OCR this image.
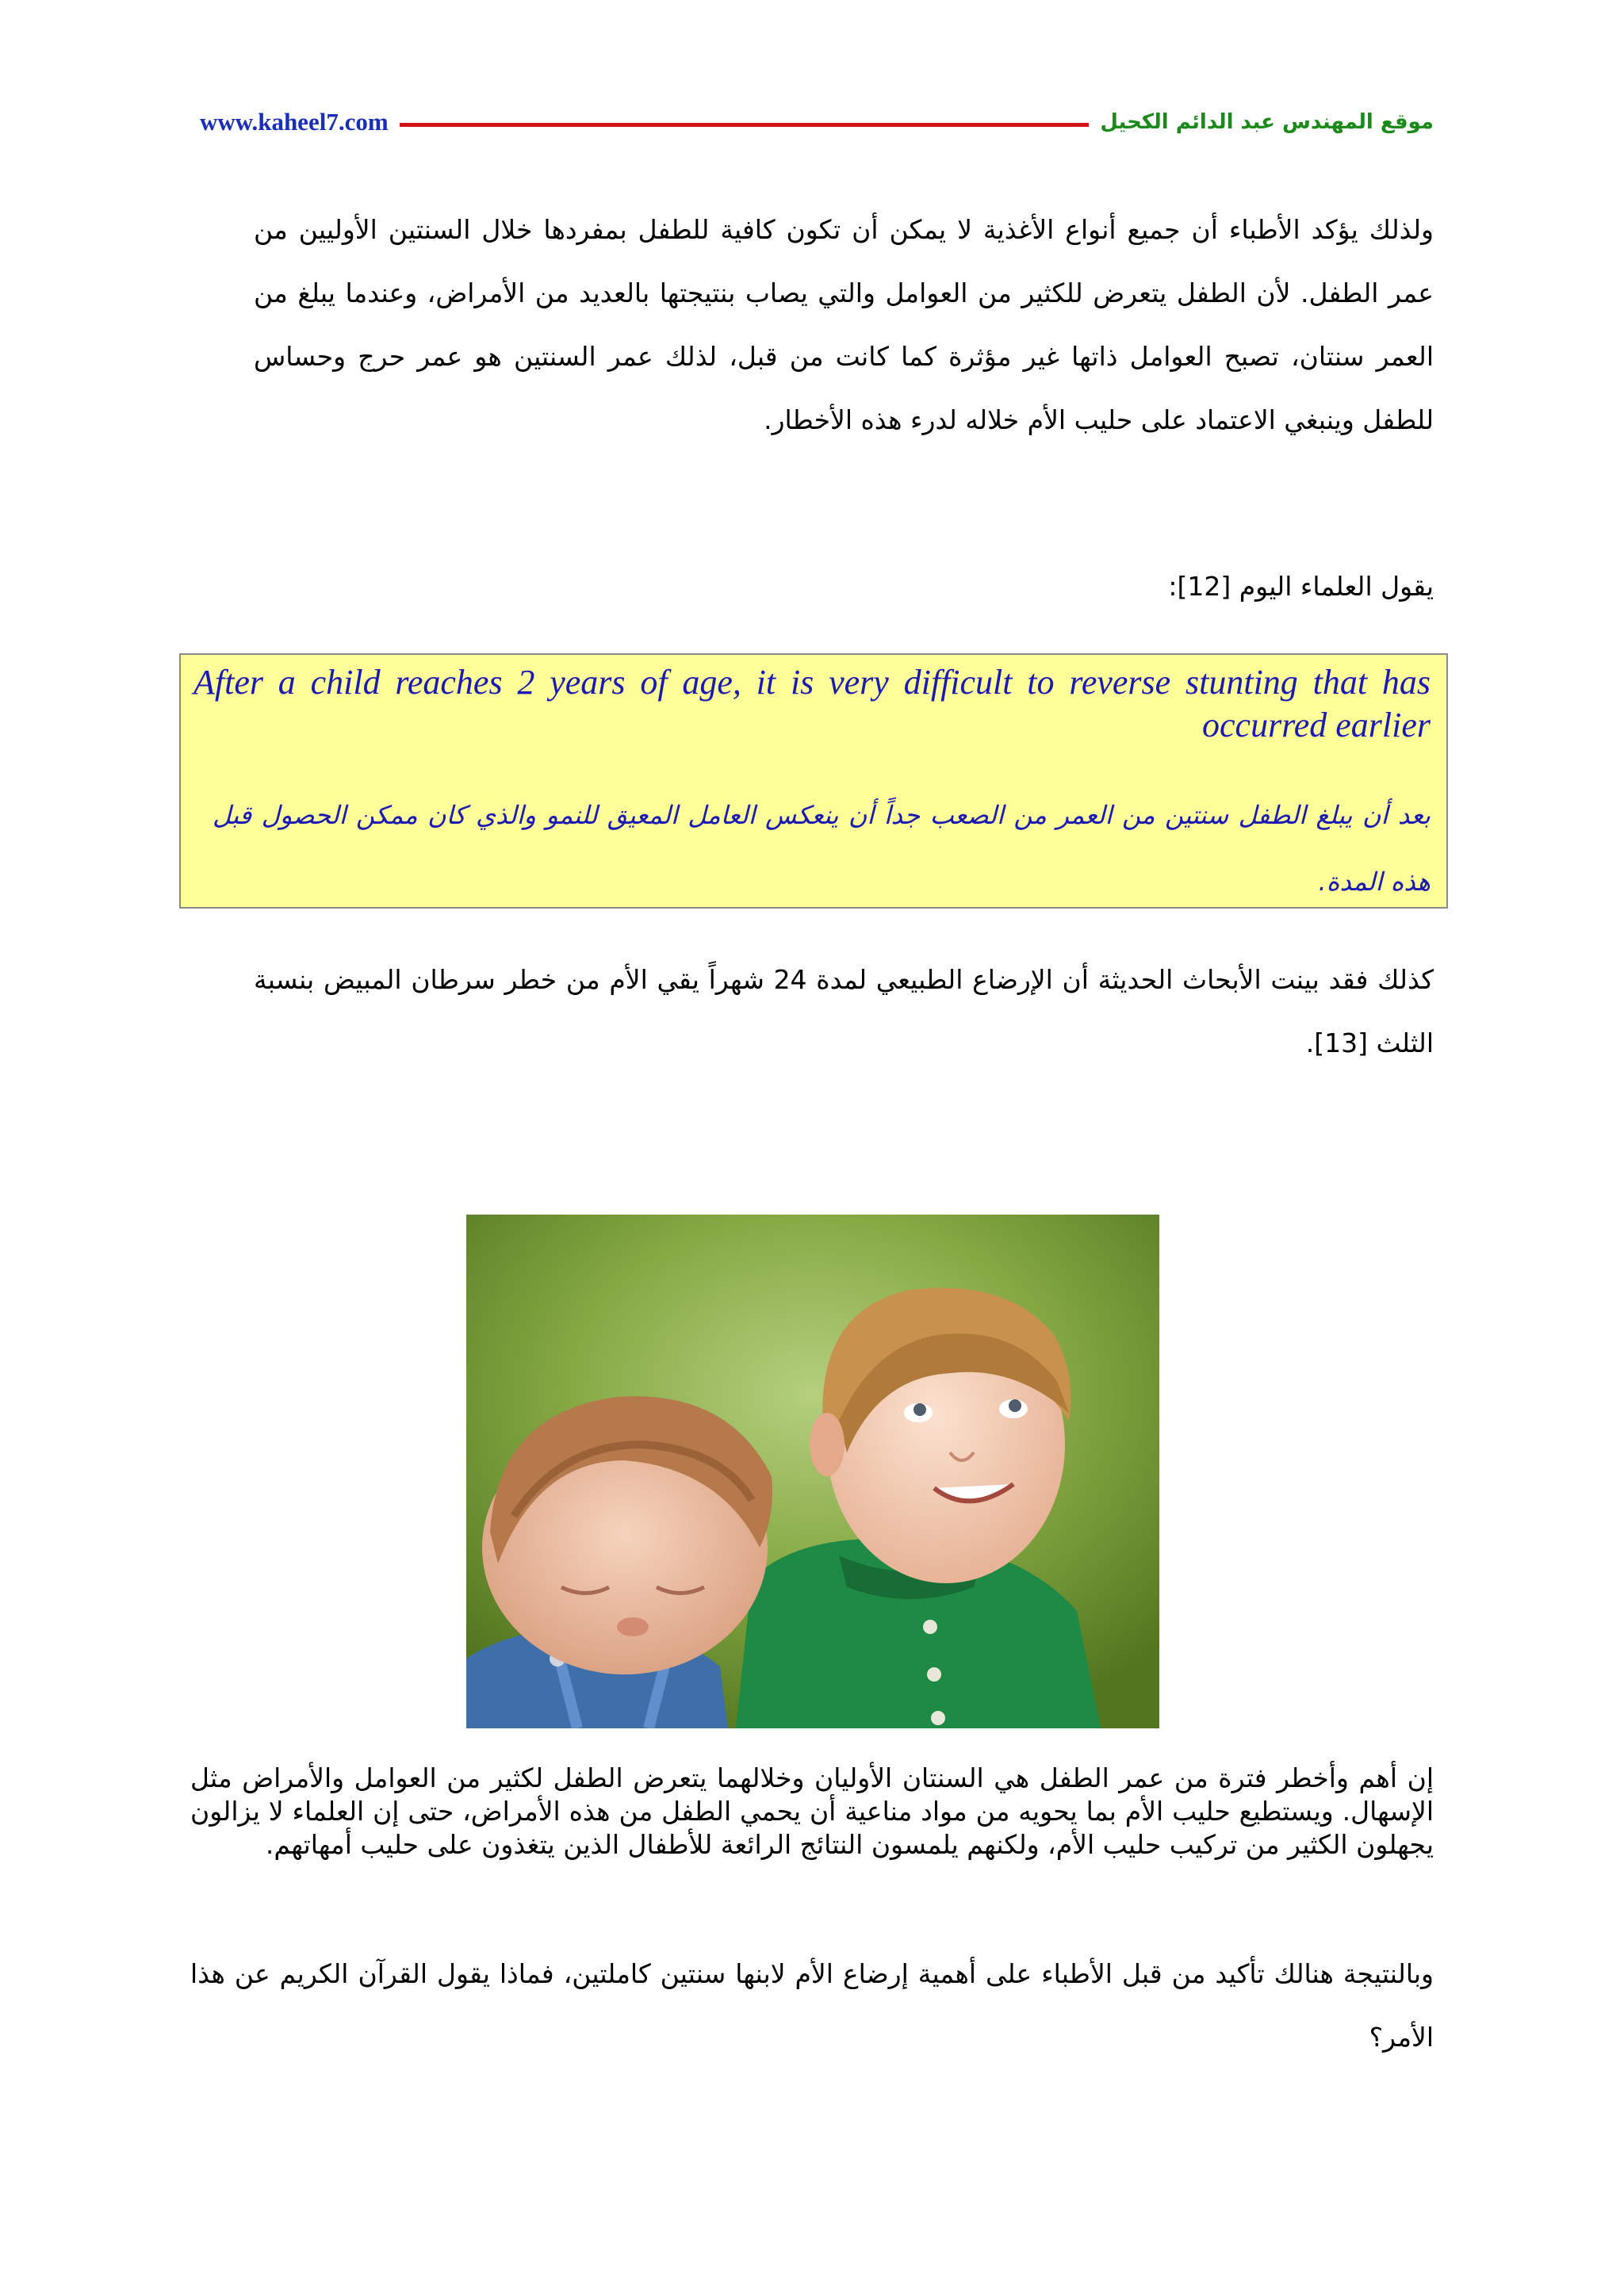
www.kaheel7.com	موقع المهندس عبد الدائم الكحيل

ولذلك يؤكد الأطباء أن جميع أنواع الأغذية لا يمكن أن تكون كافية للطفل بمفردها خلال السنتين الأوليين من عمر الطفل. لأن الطفل يتعرض للكثير من العوامل والتي يصاب بنتيجتها بالعديد من الأمراض، وعندما يبلغ من العمر سنتان، تصبح العوامل ذاتها غير مؤثرة كما كانت من قبل، لذلك عمر السنتين هو عمر حرج وحساس للطفل وينبغي الاعتماد على حليب الأم خلاله لدرء هذه الأخطار.

يقول العلماء اليوم [12]:

After a child reaches 2 years of age, it is very difficult to reverse stunting that has occurred earlier

بعد أن يبلغ الطفل سنتين من العمر من الصعب جداً أن ينعكس العامل المعيق للنمو والذي كان ممكن الحصول قبل هذه المدة.

كذلك فقد بينت الأبحاث الحديثة أن الإرضاع الطبيعي لمدة 24 شهراً يقي الأم من خطر سرطان المبيض بنسبة الثلث [13].

إن أهم وأخطر فترة من عمر الطفل هي السنتان الأوليان وخلالهما يتعرض الطفل لكثير من العوامل والأمراض مثل الإسهال. ويستطيع حليب الأم بما يحويه من مواد مناعية أن يحمي الطفل من هذه الأمراض، حتى إن العلماء لا يزالون يجهلون الكثير من تركيب حليب الأم، ولكنهم يلمسون النتائج الرائعة للأطفال الذين يتغذون على حليب أمهاتهم.

وبالنتيجة هنالك تأكيد من قبل الأطباء على أهمية إرضاع الأم لابنها سنتين كاملتين، فماذا يقول القرآن الكريم عن هذا الأمر؟
